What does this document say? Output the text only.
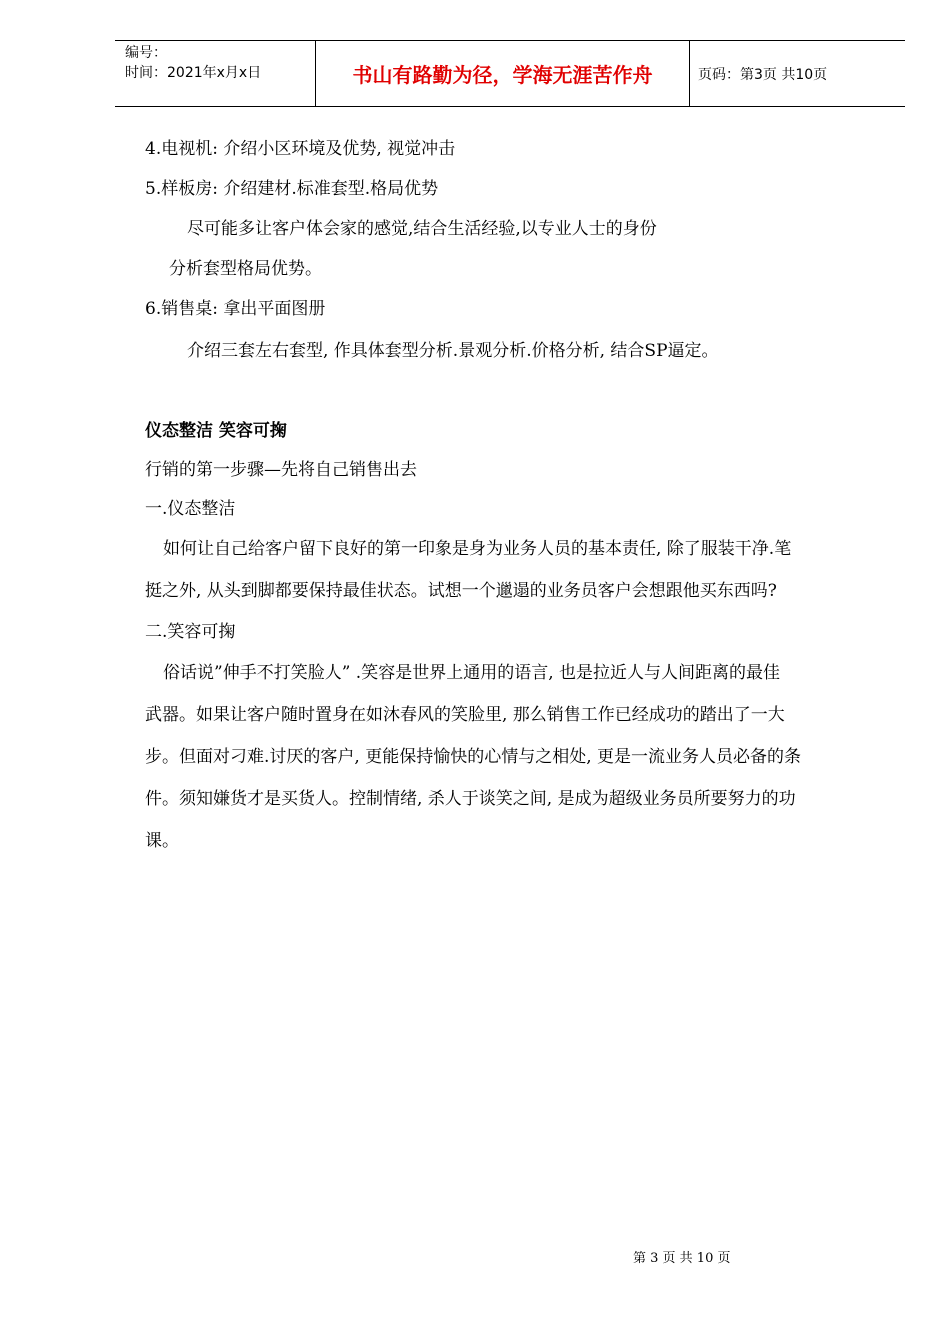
编号：
时间：2021年x月x日	书山有路勤为径，学海无涯苦作舟	页码：第3页 共10页
4.电视机: 介绍小区环境及优势, 视觉冲击
5.样板房: 介绍建材.标准套型.格局优势
尽可能多让客户体会家的感觉,结合生活经验,以专业人士的身份
分析套型格局优势。
6.销售桌: 拿出平面图册
介绍三套左右套型, 作具体套型分析.景观分析.价格分析, 结合SP逼定。
仪态整洁 笑容可掬
行销的第一步骤—先将自己销售出去
一.仪态整洁
如何让自己给客户留下良好的第一印象是身为业务人员的基本责任, 除了服装干净.笔
挺之外, 从头到脚都要保持最佳状态。试想一个邋遢的业务员客户会想跟他买东西吗?
二.笑容可掬
俗话说”伸手不打笑脸人” .笑容是世界上通用的语言, 也是拉近人与人间距离的最佳
武器。如果让客户随时置身在如沐春风的笑脸里, 那么销售工作已经成功的踏出了一大
步。但面对刁难.讨厌的客户, 更能保持愉快的心情与之相处, 更是一流业务人员必备的条
件。须知嫌货才是买货人。控制情绪, 杀人于谈笑之间, 是成为超级业务员所要努力的功
课。
第 3 页 共 10 页
